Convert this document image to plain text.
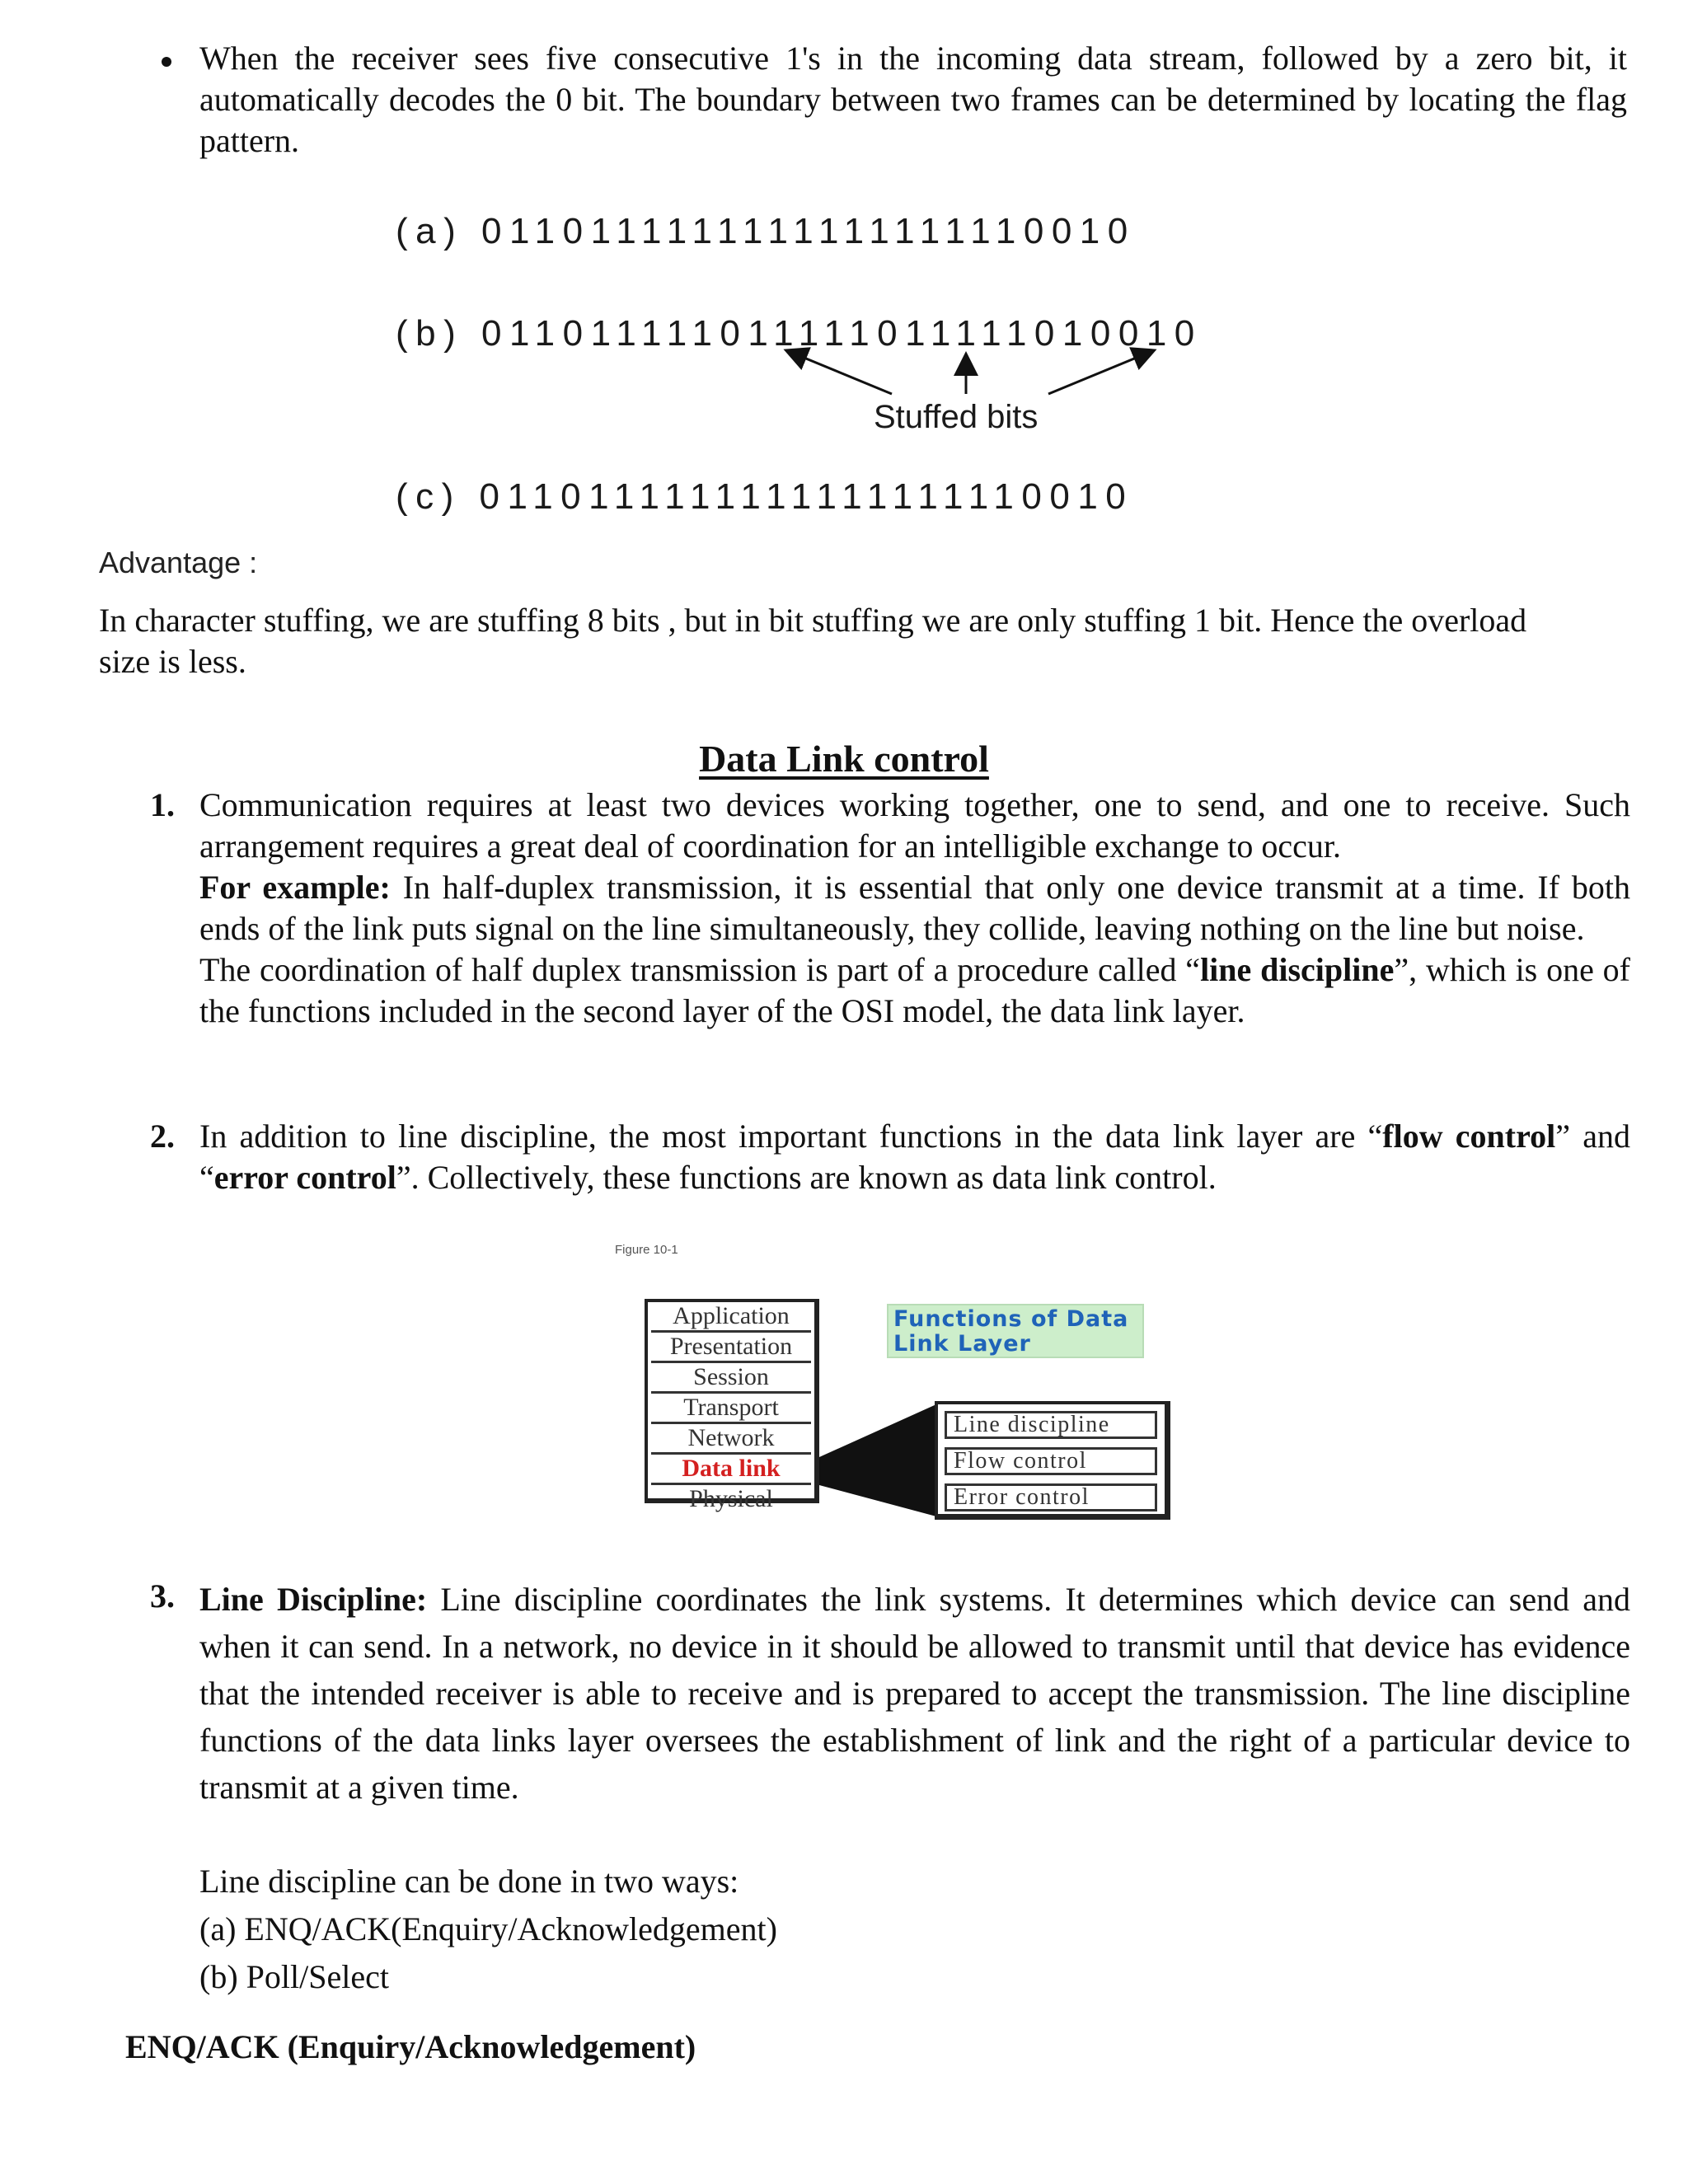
When the receiver sees five consecutive 1's in the incoming data stream, followed by a zero bit, it automatically decodes the 0 bit. The boundary between two frames can be determined by locating the flag pattern.

(a) 0110111111111111111110010
(b) 011011111011111011111010010
Stuffed bits
(c) 0110111111111111111110010
Advantage :

In character stuffing, we are stuffing 8 bits , but in bit stuffing we are only stuffing 1 bit. Hence the overload size is less.

Data Link control
1. Communication requires at least two devices working together, one to send, and one to receive. Such arrangement requires a great deal of coordination for an intelligible exchange to occur.
For example: In half-duplex transmission, it is essential that only one device transmit at a time. If both ends of the link puts signal on the line simultaneously, they collide, leaving nothing on the line but noise.
The coordination of half duplex transmission is part of a procedure called “line discipline”, which is one of the functions included in the second layer of the OSI model, the data link layer.

2. In addition to line discipline, the most important functions in the data link layer are “flow control” and “error control”. Collectively, these functions are known as data link control.

Figure 10-1
Application
Presentation
Session
Transport
Network
Data link
Physical
Functions of Data Link Layer
Line discipline
Flow control
Error control
3. Line Discipline: Line discipline coordinates the link systems. It determines which device can send and when it can send. In a network, no device in it should be allowed to transmit until that device has evidence that the intended receiver is able to receive and is prepared to accept the transmission. The line discipline functions of the data links layer oversees the establishment of link and the right of a particular device to transmit at a given time.

Line discipline can be done in two ways:
(a) ENQ/ACK(Enquiry/Acknowledgement)
(b) Poll/Select
ENQ/ACK (Enquiry/Acknowledgement)
